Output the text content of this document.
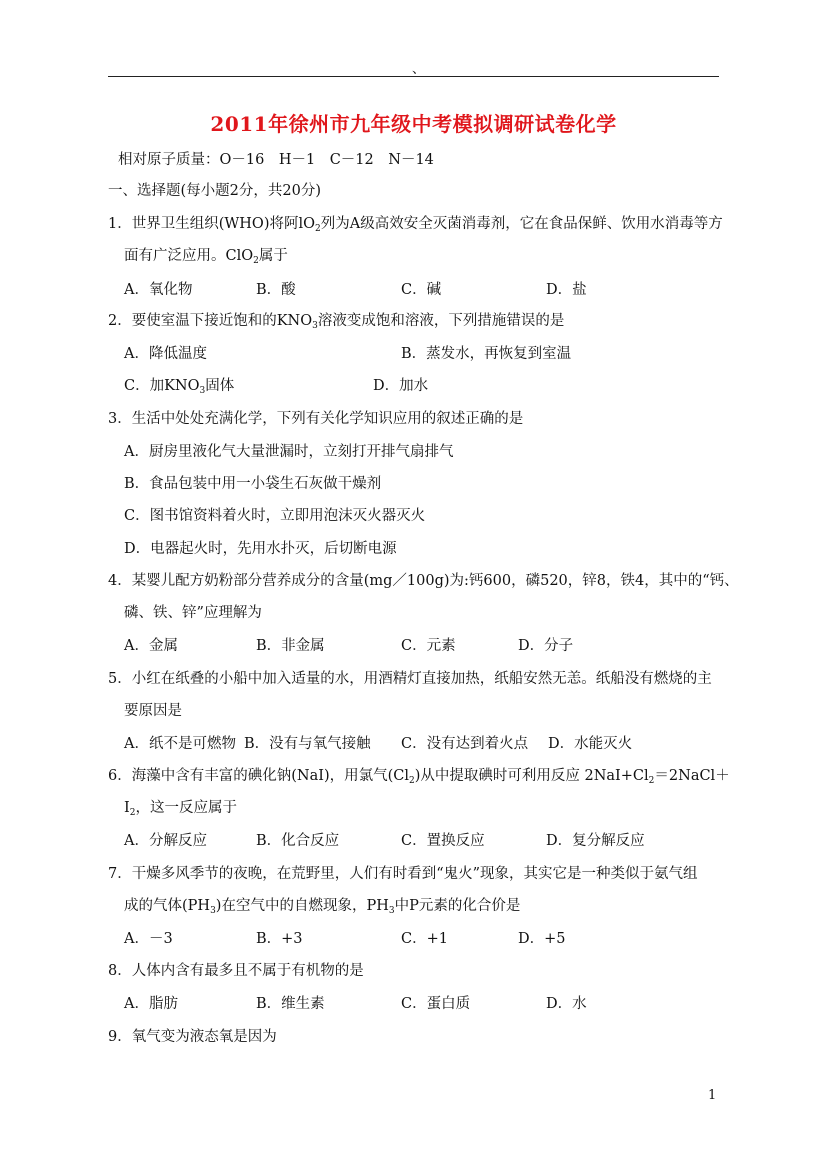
、
2011年徐州市九年级中考模拟调研试卷化学
相对原子质量：O－16　H－1　C－12　N－14
一、选择题(每小题2分，共20分)
1．世界卫生组织(WHO)将阿$lO_2$列为A级高效安全灭菌消毒剂，它在食品保鲜、饮用水消毒等方
面有广泛应用。ClO$_2$属于
A．氧化物	B．酸	C．碱	D．盐
2．要使室温下接近饱和的$KNO_3$溶液变成饱和溶液，下列措施错误的是
A．降低温度	B．蒸发水，再恢复到室温
C．加$KNO_3$固体	D．加水
3．生活中处处充满化学，下列有关化学知识应用的叙述正确的是
A．厨房里液化气大量泄漏时，立刻打开排气扇排气
B．食品包装中用一小袋生石灰做干燥剂
C．图书馆资料着火时，立即用泡沫灭火器灭火
D．电器起火时，先用水扑灭，后切断电源
4．某婴儿配方奶粉部分营养成分的含量(mg／100g)为:钙600，磷520，锌8，铁4，其中的“钙、
磷、铁、锌”应理解为
A．金属	B．非金属	C．元素	D．分子
5．小红在纸叠的小船中加入适量的水，用酒精灯直接加热，纸船安然无恙。纸船没有燃烧的主
要原因是
A．纸不是可燃物 B．没有与氧气接触 C．没有达到着火点 D．水能灭火
6．海藻中含有丰富的碘化钠(NaI)，用氯气$(Cl_2)$从中提取碘时可利用反应 $2NaI+Cl_2=2NaCl+$
$I_2$，这一反应属于
A．分解反应	B．化合反应	C．置换反应	D．复分解反应
7．干燥多风季节的夜晚，在荒野里，人们有时看到“鬼火”现象，其实它是一种类似于氨气组
成的气体$(PH_3)$在空气中的自燃现象，$PH_3$中P元素的化合价是
A．－3	B．+3	C．+1	D．+5
8．人体内含有最多且不属于有机物的是
A．脂肪	B．维生素	C．蛋白质	D．水
9．氧气变为液态氧是因为
1
